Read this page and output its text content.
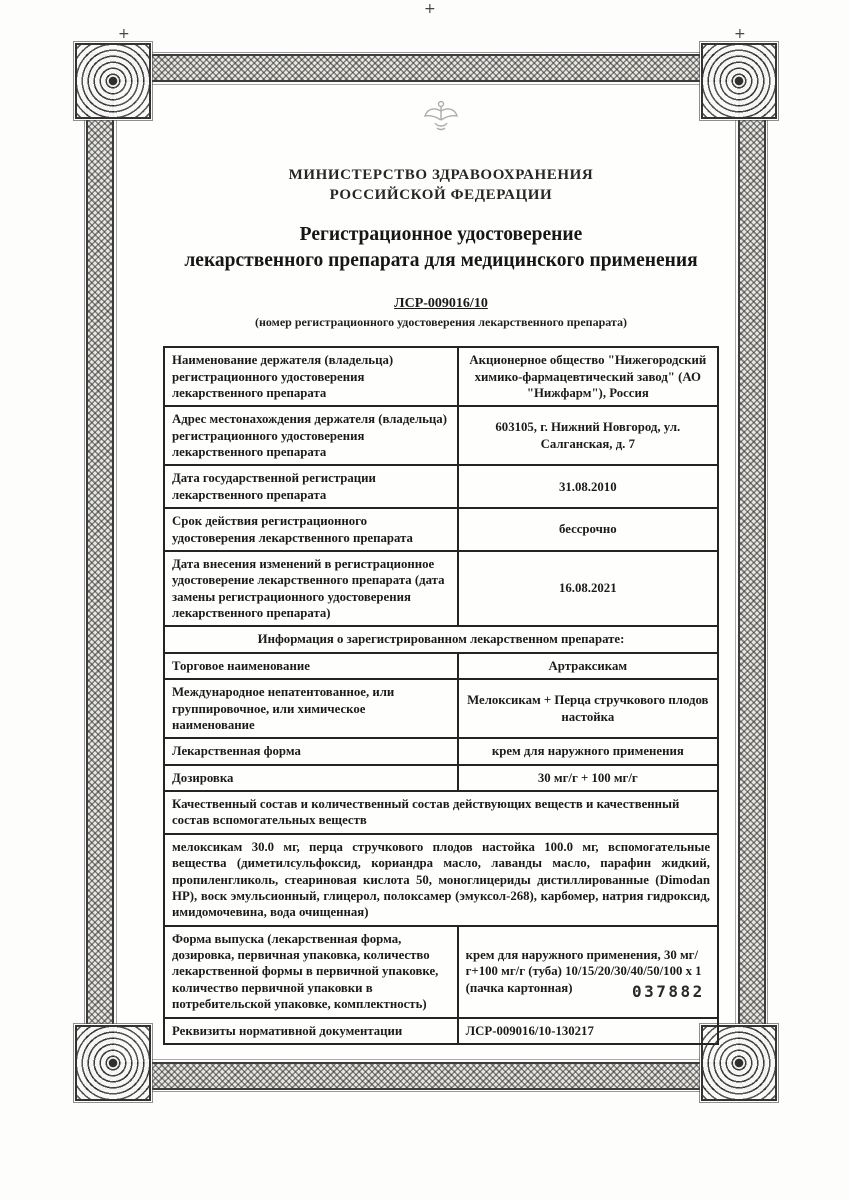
+
+	+
МИНИСТЕРСТВО ЗДРАВООХРАНЕНИЯ
РОССИЙСКОЙ ФЕДЕРАЦИИ
Регистрационное удостоверение
лекарственного препарата для медицинского применения
ЛСР-009016/10
(номер регистрационного удостоверения лекарственного препарата)
Наименование держателя (владельца) регистрационного удостоверения лекарственного препарата	Акционерное общество "Нижегородский химико-фармацевтический завод" (АО "Нижфарм"), Россия
Адрес местонахождения держателя (владельца) регистрационного удостоверения лекарственного препарата	603105, г. Нижний Новгород, ул. Салганская, д. 7
Дата государственной регистрации лекарственного препарата	31.08.2010
Срок действия регистрационного удостоверения лекарственного препарата	бессрочно
Дата внесения изменений в регистрационное удостоверение лекарственного препарата (дата замены регистрационного удостоверения лекарственного препарата)	16.08.2021
Информация о зарегистрированном лекарственном препарате:	
Торговое наименование	Артраксикам
Международное непатентованное, или группировочное, или химическое наименование	Мелоксикам + Перца стручкового плодов настойка
Лекарственная форма	крем для наружного применения
Дозировка	30 мг/г + 100 мг/г
Качественный состав и количественный состав действующих веществ и качественный состав вспомогательных веществ	
мелоксикам 30.0 мг, перца стручкового плодов настойка 100.0 мг, вспомогательные вещества (диметилсульфоксид, кориандра масло, лаванды масло, парафин жидкий, пропиленгликоль, стеариновая кислота 50, моноглицериды дистиллированные (Dimodan HP), воск эмульсионный, глицерол, полоксамер (эмуксол-268), карбомер, натрия гидроксид, имидомочевина, вода очищенная)	
Форма выпуска (лекарственная форма, дозировка, первичная упаковка, количество лекарственной формы в первичной упаковке, количество первичной упаковки в потребительской упаковке, комплектность)	крем для наружного применения, 30 мг/г+100 мг/г (туба) 10/15/20/30/40/50/100 х 1 (пачка картонная)
Реквизиты нормативной документации	ЛСР-009016/10-130217
037882
